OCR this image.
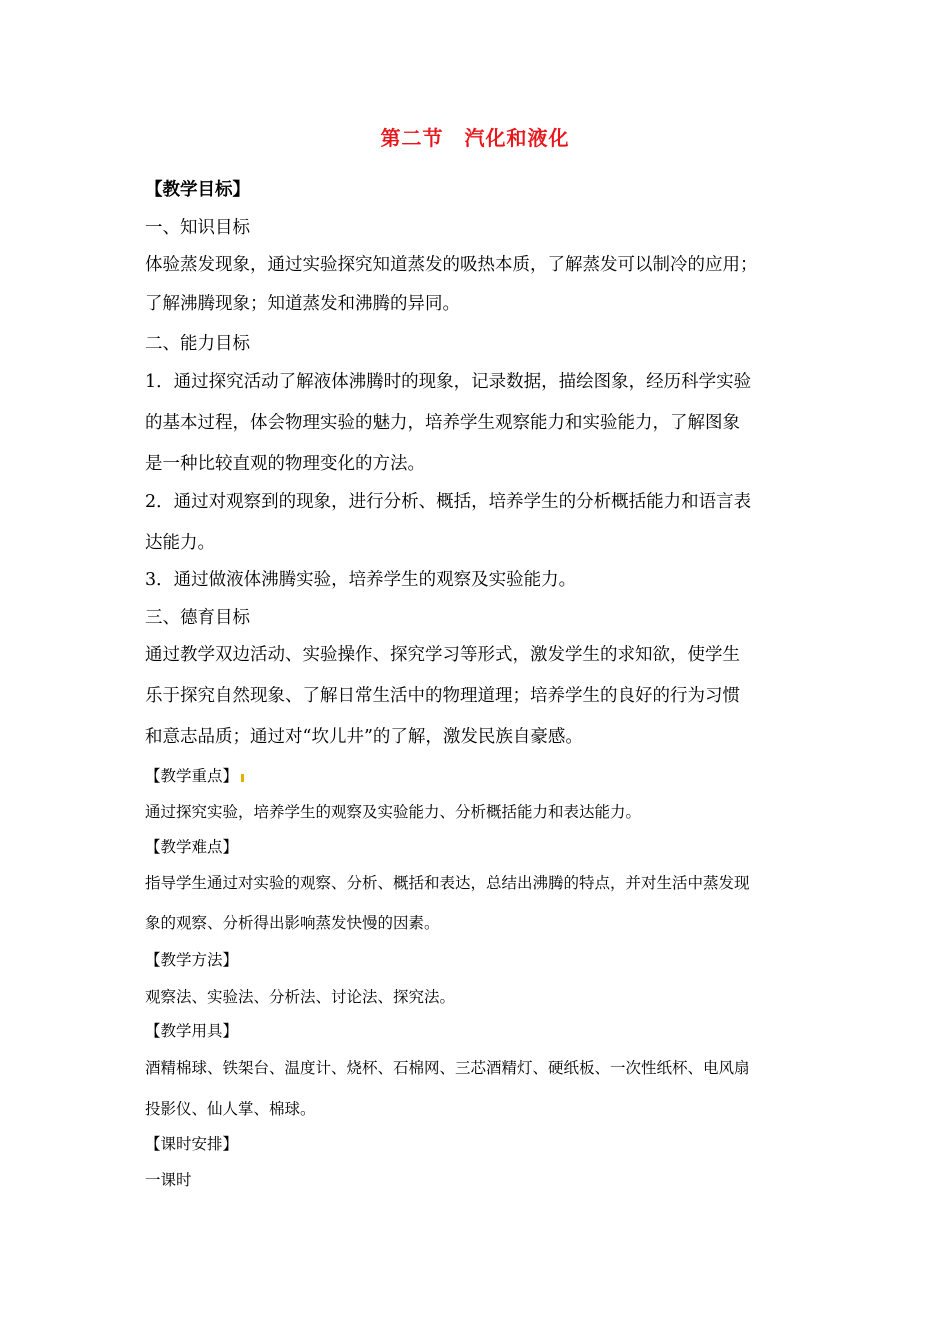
第二节　汽化和液化
【教学目标】
一、知识目标
体验蒸发现象，通过实验探究知道蒸发的吸热本质，了解蒸发可以制冷的应用；
了解沸腾现象；知道蒸发和沸腾的异同。
二、能力目标
1．通过探究活动了解液体沸腾时的现象，记录数据，描绘图象，经历科学实验
的基本过程，体会物理实验的魅力，培养学生观察能力和实验能力，了解图象
是一种比较直观的物理变化的方法。
2．通过对观察到的现象，进行分析、概括，培养学生的分析概括能力和语言表
达能力。
3．通过做液体沸腾实验，培养学生的观察及实验能力。
三、德育目标
通过教学双边活动、实验操作、探究学习等形式，激发学生的求知欲，使学生
乐于探究自然现象、了解日常生活中的物理道理；培养学生的良好的行为习惯
和意志品质；通过对“坎儿井”的了解，激发民族自豪感。
【教学重点】
通过探究实验，培养学生的观察及实验能力、分析概括能力和表达能力。
【教学难点】
指导学生通过对实验的观察、分析、概括和表达，总结出沸腾的特点，并对生活中蒸发现
象的观察、分析得出影响蒸发快慢的因素。
【教学方法】
观察法、实验法、分析法、讨论法、探究法。
【教学用具】
酒精棉球、铁架台、温度计、烧杯、石棉网、三芯酒精灯、硬纸板、一次性纸杯、电风扇
投影仪、仙人掌、棉球。
【课时安排】
一课时
